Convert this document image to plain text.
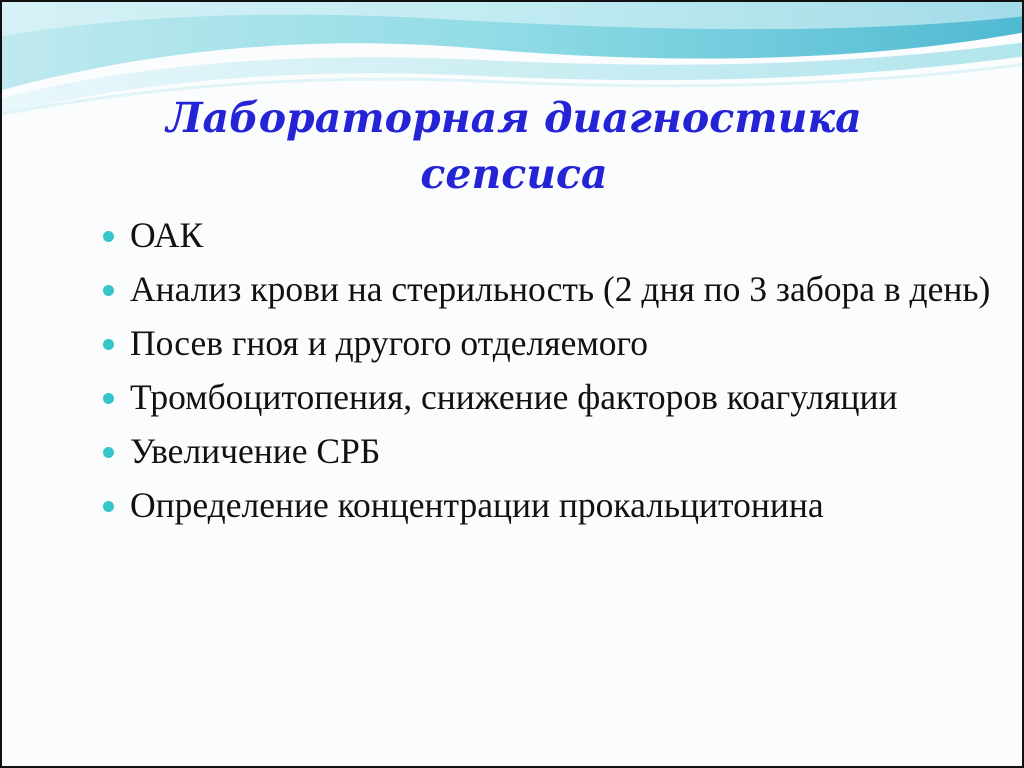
Лабораторная диагностика
сепсиса
ОАК
Анализ крови на стерильность (2 дня по 3 забора в день)
Посев гноя и другого отделяемого
Тромбоцитопения, снижение факторов коагуляции
Увеличение СРБ
Определение концентрации прокальцитонина
